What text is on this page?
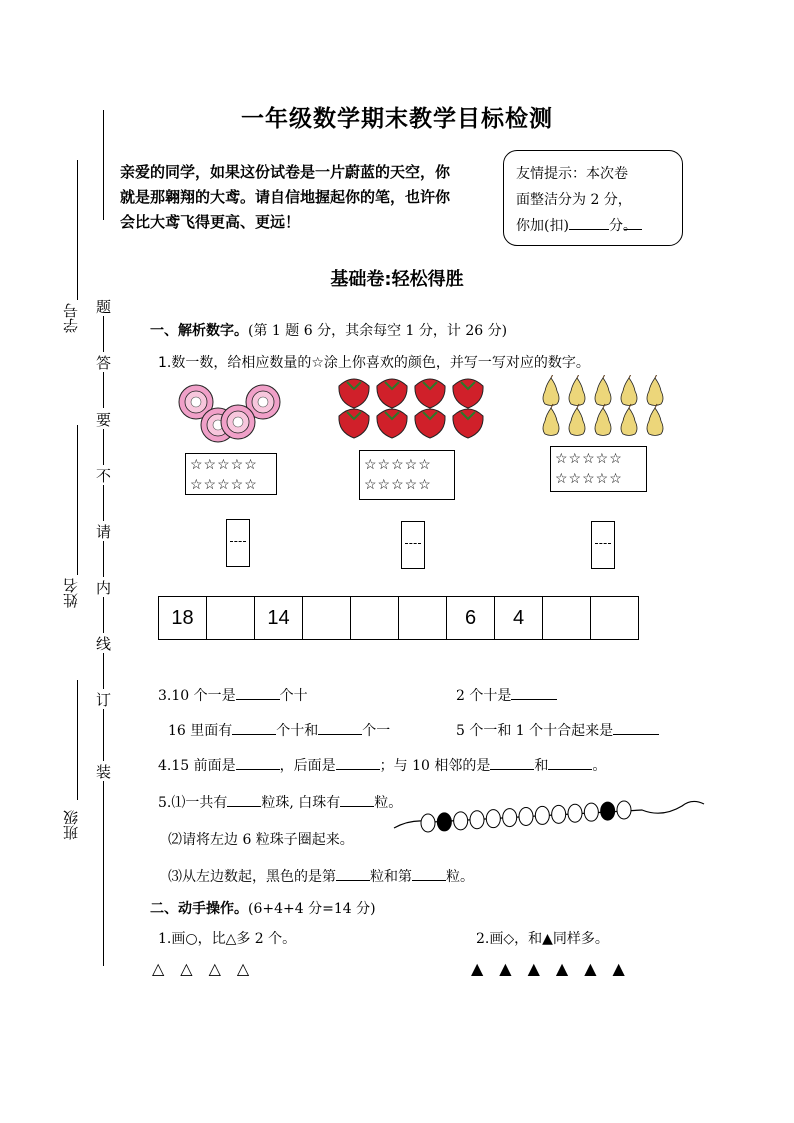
题
答
要
不
请
内
线
订
装
学号
姓名
班级
一年级数学期末教学目标检测
亲爱的同学，如果这份试卷是一片蔚蓝的天空，你就是那翱翔的大鸢。请自信地握起你的笔，也许你会比大鸢飞得更高、更远！
友情提示：本次卷
面整洁分为 2 分，
你加(扣)	分。
基础卷:轻松得胜
一、解析数字。(第 1 题 6 分，其余每空 1 分，计 26 分)
1.数一数，给相应数量的☆涂上你喜欢的颜色，并写一写对应的数字。
☆☆☆☆☆
☆☆☆☆☆
☆☆☆☆☆
☆☆☆☆☆
☆☆☆☆☆
☆☆☆☆☆
18		14				6	4		
3.10 个一是	个十	2 个十是
16 里面有	个十和	个一	5 个一和 1 个十合起来是
4.15 前面是	，后面是	；与 10 相邻的是	和	。
5.⑴一共有 粒珠, 白珠有 粒。
⑵请将左边 6 粒珠子圈起来。
⑶从左边数起，黑色的是第 粒和第 粒。
二、动手操作。(6+4+4 分=14 分)
1.画○，比△多 2 个。	2.画◇，和▲同样多。
△　△　△　△	▲　▲　▲　▲　▲　▲
